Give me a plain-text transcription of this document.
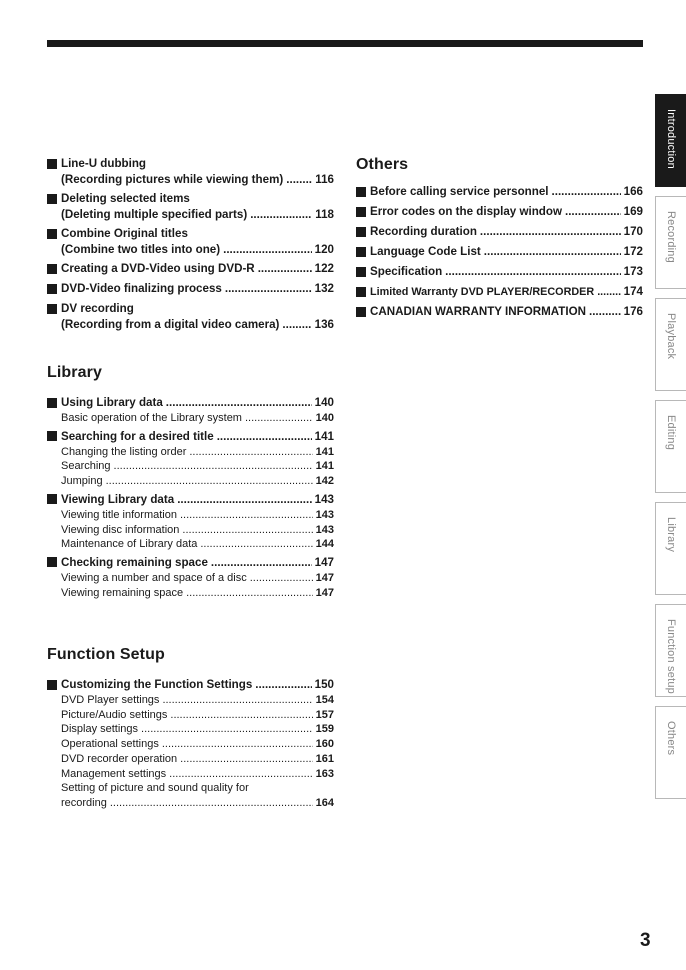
Line-U dubbing
(Recording pictures while viewing them) .....	116
Deleting selected items
(Deleting multiple specified parts) .....	118
Combine Original titles
(Combine two titles into one) .....	120
Creating a DVD-Video using DVD-R .....	122
DVD-Video finalizing process .....	132
DV recording
(Recording from a digital video camera) .....	136
Library
Using Library data .....	140
Basic operation of the Library system .....	140
Searching for a desired title .....	141
Changing the listing order .....	141
Searching .....	141
Jumping .....	142
Viewing Library data .....	143
Viewing title information .....	143
Viewing disc information .....	143
Maintenance of Library data .....	144
Checking remaining space .....	147
Viewing a number and space of a disc .....	147
Viewing remaining space .....	147
Function Setup
Customizing the Function Settings .....	150
DVD Player settings .....	154
Picture/Audio settings .....	157
Display settings .....	159
Operational settings .....	160
DVD recorder operation .....	161
Management settings .....	163
Setting of picture and sound quality for
recording .....	164
Others
Before calling service personnel .....	166
Error codes on the display window .....	169
Recording duration .....	170
Language Code List .....	172
Specification .....	173
Limited Warranty DVD PLAYER/RECORDER .....	174
CANADIAN WARRANTY INFORMATION .....	176
Introduction
Recording
Playback
Editing
Library
Function setup
Others
3
